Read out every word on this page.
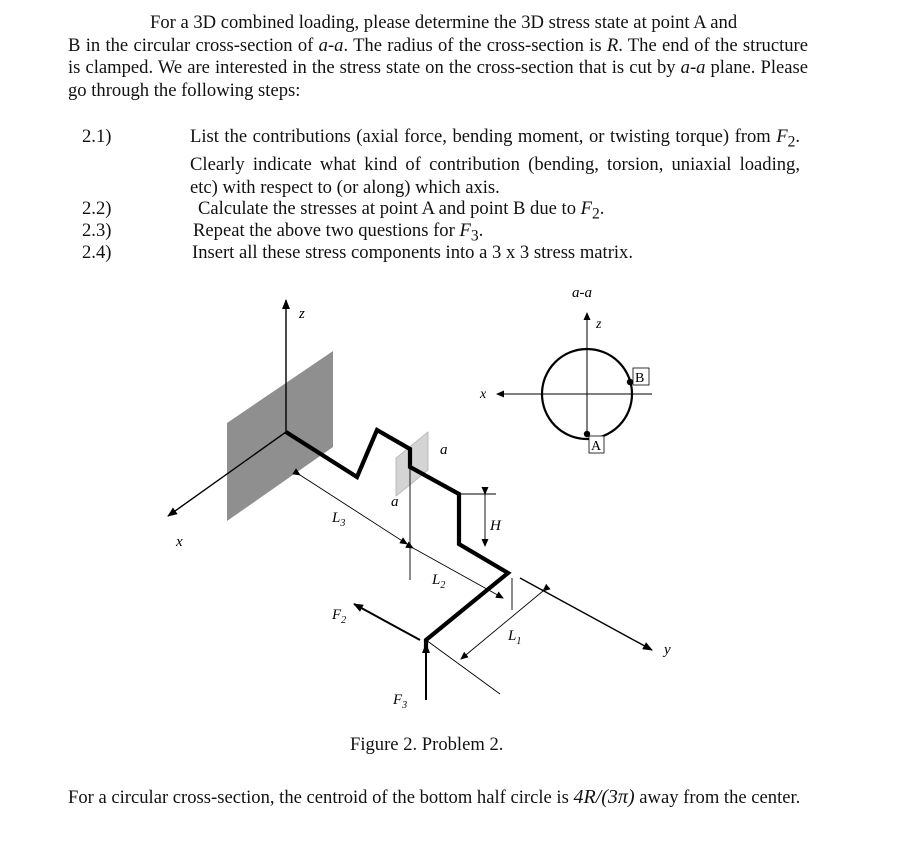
For a 3D combined loading, please determine the 3D stress state at point A and
B in the circular cross-section of a-a. The radius of the cross-section is R. The end of the structure is clamped. We are interested in the stress state on the cross-section that is cut by a-a plane. Please go through the following steps:
2.1)	List the contributions (axial force, bending moment, or twisting torque) from $F_2$. Clearly indicate what kind of contribution (bending, torsion, uniaxial loading, etc) with respect to (or along) which axis.
2.2)	Calculate the stresses at point A and point B due to $F_2$.
2.3)	Repeat the above two questions for $F_3$.
2.4)	Insert all these stress components into a 3 x 3 stress matrix.
z
x
y
a
a
$L_3$
$L_2$
H
$L_1$
$F_2$
$F_3$
a-a
z
x
A
B
Figure 2. Problem 2.
For a circular cross-section, the centroid of the bottom half circle is 4R/(3π) away from the center.
